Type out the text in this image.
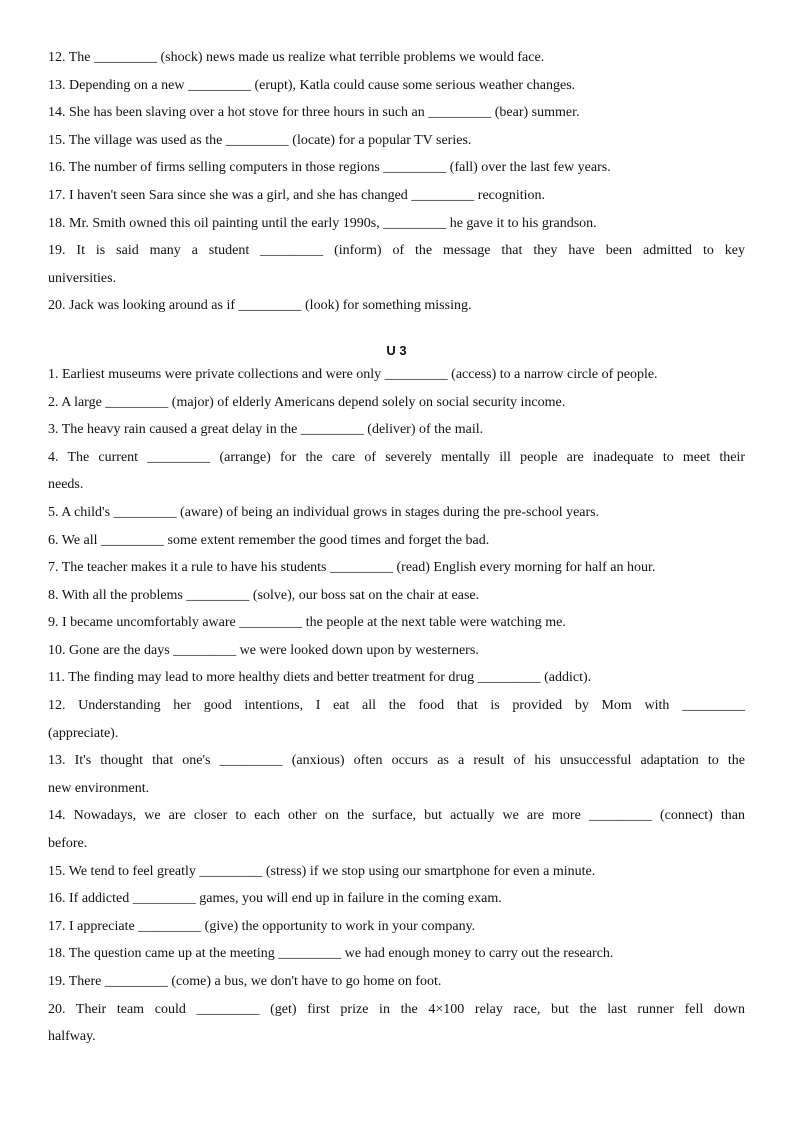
12. The _________ (shock) news made us realize what terrible problems we would face.
13. Depending on a new _________ (erupt), Katla could cause some serious weather changes.
14. She has been slaving over a hot stove for three hours in such an _________ (bear) summer.
15. The village was used as the _________ (locate) for a popular TV series.
16. The number of firms selling computers in those regions _________ (fall) over the last few years.
17. I haven't seen Sara since she was a girl, and she has changed _________ recognition.
18. Mr. Smith owned this oil painting until the early 1990s, _________ he gave it to his grandson.
19. It is said many a student _________ (inform) of the message that they have been admitted to key
universities.
20. Jack was looking around as if _________ (look) for something missing.
U 3
1. Earliest museums were private collections and were only _________ (access) to a narrow circle of people.
2. A large _________ (major) of elderly Americans depend solely on social security income.
3. The heavy rain caused a great delay in the _________ (deliver) of the mail.
4. The current _________ (arrange) for the care of severely mentally ill people are inadequate to meet their
needs.
5. A child's _________ (aware) of being an individual grows in stages during the pre-school years.
6. We all _________ some extent remember the good times and forget the bad.
7. The teacher makes it a rule to have his students _________ (read) English every morning for half an hour.
8. With all the problems _________ (solve), our boss sat on the chair at ease.
9. I became uncomfortably aware _________ the people at the next table were watching me.
10. Gone are the days _________ we were looked down upon by westerners.
11. The finding may lead to more healthy diets and better treatment for drug _________ (addict).
12. Understanding her good intentions, I eat all the food that is provided by Mom with _________
(appreciate).
13. It's thought that one's _________ (anxious) often occurs as a result of his unsuccessful adaptation to the
new environment.
14. Nowadays, we are closer to each other on the surface, but actually we are more _________ (connect) than
before.
15. We tend to feel greatly _________ (stress) if we stop using our smartphone for even a minute.
16. If addicted _________ games, you will end up in failure in the coming exam.
17. I appreciate _________ (give) the opportunity to work in your company.
18. The question came up at the meeting _________ we had enough money to carry out the research.
19. There _________ (come) a bus, we don't have to go home on foot.
20. Their team could _________ (get) first prize in the 4×100 relay race, but the last runner fell down
halfway.
